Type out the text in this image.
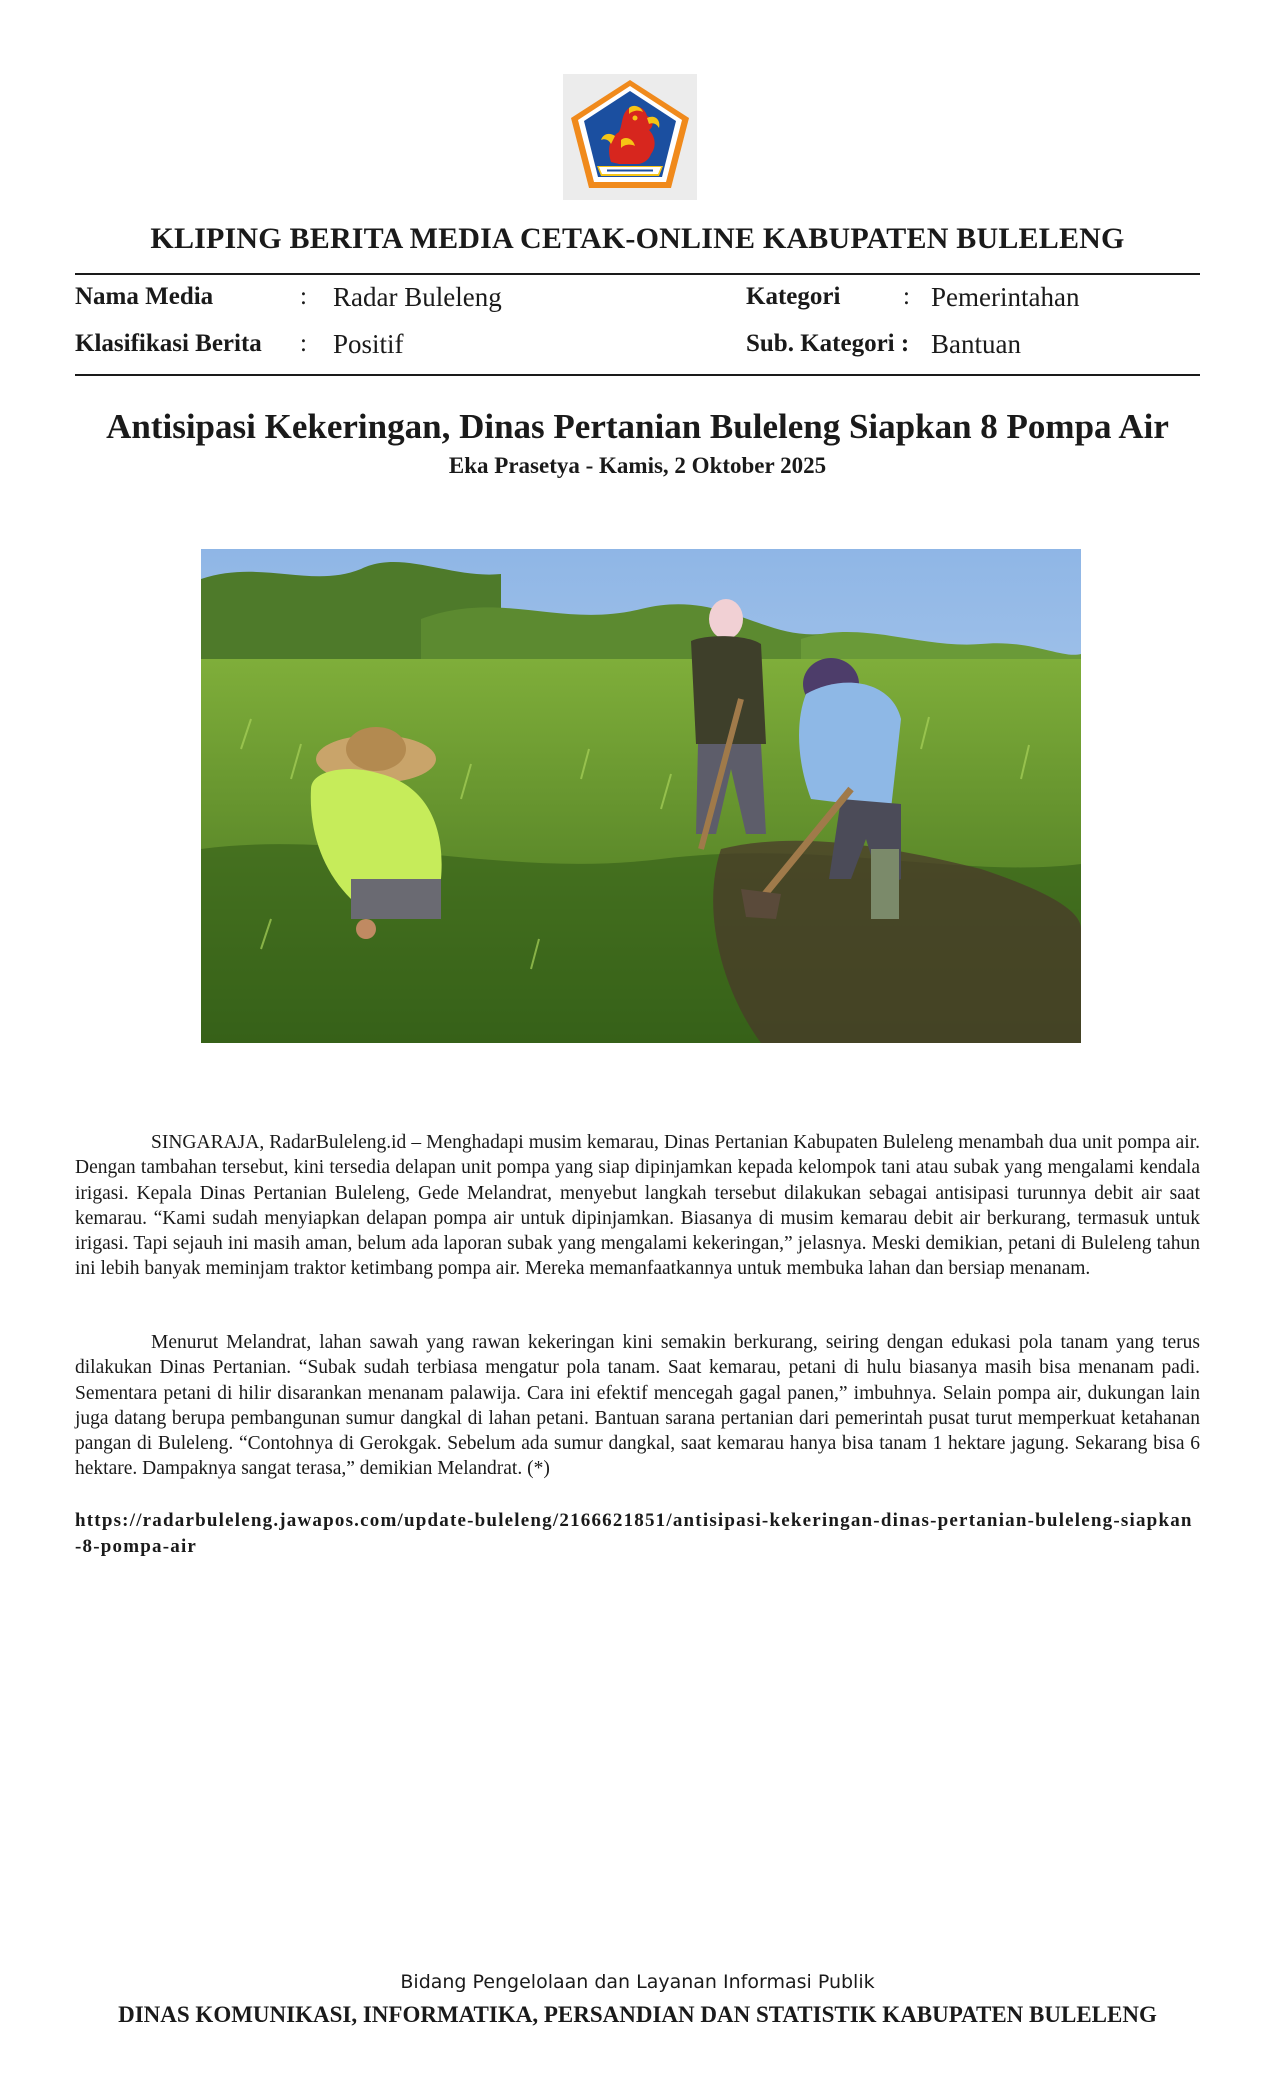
KLIPING BERITA MEDIA CETAK-ONLINE KABUPATEN BULELENG
Nama Media	: Radar Buleleng	Kategori	: Pemerintahan
Klasifikasi Berita : Positif	Sub. Kategori : Bantuan
Antisipasi Kekeringan, Dinas Pertanian Buleleng Siapkan 8 Pompa Air
Eka Prasetya - Kamis, 2 Oktober 2025

SINGARAJA, RadarBuleleng.id – Menghadapi musim kemarau, Dinas Pertanian Kabupaten Buleleng menambah dua unit pompa air. Dengan tambahan tersebut, kini tersedia delapan unit pompa yang siap dipinjamkan kepada kelompok tani atau subak yang mengalami kendala irigasi. Kepala Dinas Pertanian Buleleng, Gede Melandrat, menyebut langkah tersebut dilakukan sebagai antisipasi turunnya debit air saat kemarau. “Kami sudah menyiapkan delapan pompa air untuk dipinjamkan. Biasanya di musim kemarau debit air berkurang, termasuk untuk irigasi. Tapi sejauh ini masih aman, belum ada laporan subak yang mengalami kekeringan,” jelasnya. Meski demikian, petani di Buleleng tahun ini lebih banyak meminjam traktor ketimbang pompa air. Mereka memanfaatkannya untuk membuka lahan dan bersiap menanam.

Menurut Melandrat, lahan sawah yang rawan kekeringan kini semakin berkurang, seiring dengan edukasi pola tanam yang terus dilakukan Dinas Pertanian. “Subak sudah terbiasa mengatur pola tanam. Saat kemarau, petani di hulu biasanya masih bisa menanam padi. Sementara petani di hilir disarankan menanam palawija. Cara ini efektif mencegah gagal panen,” imbuhnya. Selain pompa air, dukungan lain juga datang berupa pembangunan sumur dangkal di lahan petani. Bantuan sarana pertanian dari pemerintah pusat turut memperkuat ketahanan pangan di Buleleng. “Contohnya di Gerokgak. Sebelum ada sumur dangkal, saat kemarau hanya bisa tanam 1 hektare jagung. Sekarang bisa 6 hektare. Dampaknya sangat terasa,” demikian Melandrat. (*)

https://radarbuleleng.jawapos.com/update-buleleng/2166621851/antisipasi-kekeringan-dinas-pertanian-buleleng-siapkan-8-pompa-air
Bidang Pengelolaan dan Layanan Informasi Publik
DINAS KOMUNIKASI, INFORMATIKA, PERSANDIAN DAN STATISTIK KABUPATEN BULELENG
